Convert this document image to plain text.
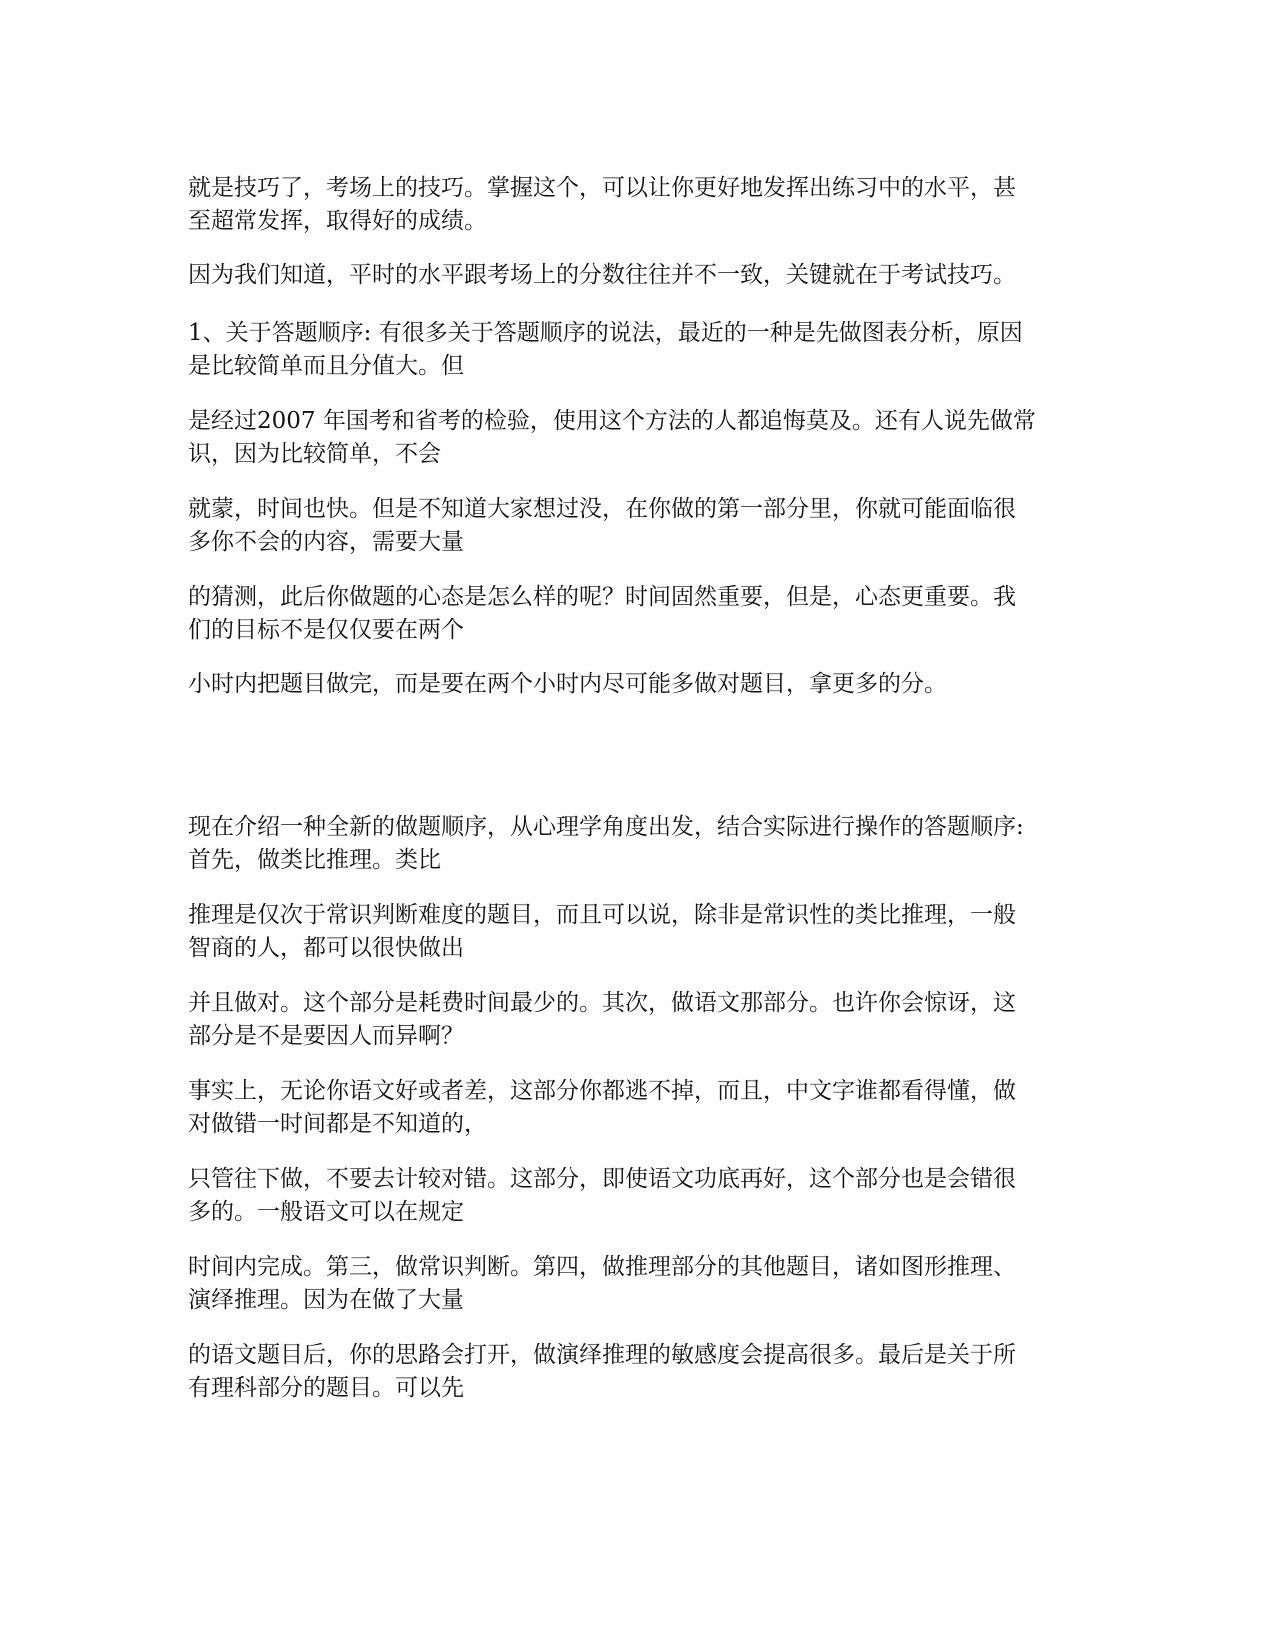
就是技巧了，考场上的技巧。掌握这个，可以让你更好地发挥出练习中的水平，甚
至超常发挥，取得好的成绩。

因为我们知道，平时的水平跟考场上的分数往往并不一致，关键就在于考试技巧。

1、关于答题顺序: 有很多关于答题顺序的说法，最近的一种是先做图表分析，原因
是比较简单而且分值大。但

是经过2007 年国考和省考的检验，使用这个方法的人都追悔莫及。还有人说先做常
识，因为比较简单，不会

就蒙，时间也快。但是不知道大家想过没，在你做的第一部分里，你就可能面临很
多你不会的内容，需要大量

的猜测，此后你做题的心态是怎么样的呢？时间固然重要，但是，心态更重要。我
们的目标不是仅仅要在两个

小时内把题目做完，而是要在两个小时内尽可能多做对题目，拿更多的分。

现在介绍一种全新的做题顺序，从心理学角度出发，结合实际进行操作的答题顺序:
首先，做类比推理。类比

推理是仅次于常识判断难度的题目，而且可以说，除非是常识性的类比推理，一般
智商的人，都可以很快做出

并且做对。这个部分是耗费时间最少的。其次，做语文那部分。也许你会惊讶，这
部分是不是要因人而异啊？

事实上，无论你语文好或者差，这部分你都逃不掉，而且，中文字谁都看得懂，做
对做错一时间都是不知道的，

只管往下做，不要去计较对错。这部分，即使语文功底再好，这个部分也是会错很
多的。一般语文可以在规定

时间内完成。第三，做常识判断。第四，做推理部分的其他题目，诸如图形推理、
演绎推理。因为在做了大量

的语文题目后，你的思路会打开，做演绎推理的敏感度会提高很多。最后是关于所
有理科部分的题目。可以先
